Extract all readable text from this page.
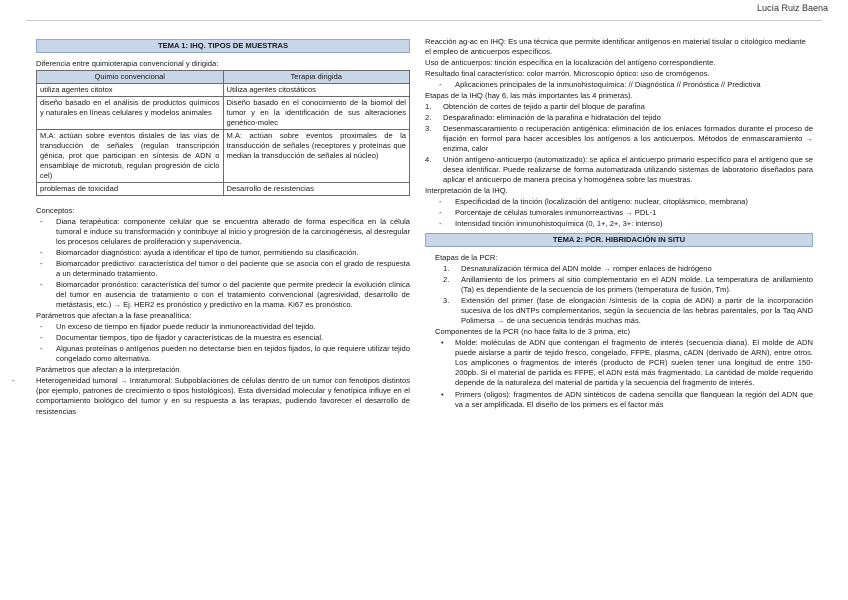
Lucía Ruiz Baena
TEMA 1: IHQ. TIPOS DE MUESTRAS

Diferencia entre quimioterapia convencional y dirigida:

Quimio convencional	Terapia dirigida
utiliza agentes citotox	Utiliza agentes citostáticos
diseño basado en el análisis de productos químicos y naturales en líneas celulares y modelos animales	Diseño basado en el conocimiento de la biomol del tumor y en la identificación de sus alteraciones genético-molec
M.A: actúan sobre eventos distales de las vías de transducción de señales (regulan transcripción génica, prot que participan en síntesis de ADN o ensamblaje de microtub, regulan progresión de ciclo cel)	M.A: actúan sobre eventos proximales de la transducción de señales (receptores y proteínas que median la transducción de señales al núcleo)
problemas de toxicidad	Desarrollo de resistencias

Conceptos:

- Diana terapéutica: componente celular que se encuentra alterado de forma específica en la célula tumoral e induce su transformación y contribuye al inicio y progresión de la carcinogénesis, al desregular los procesos celulares de proliferación y supervivencia.
- Biomarcador diagnóstico: ayuda a identificar el tipo de tumor, permitiendo su clasificación.
- Biomarcador predictivo: característica del tumor o del paciente que se asocia con el grado de respuesta a un determinado tratamiento.
- Biomarcador pronóstico: característica del tumor o del paciente que permite predecir la evolución clínica del tumor en ausencia de tratamiento o con el tratamiento convencional (agresividad, desarrollo de metástasis, etc.) → Ej. HER2 es pronóstico y predictivo en la mama. Ki67 es pronóstico.

Parámetros que afectan a la fase preanalítica:

- Un exceso de tiempo en fijador puede reducir la inmunoreactividad del tejido.
- Documentar tiempos, tipo de fijador y características de la muestra es esencial.
- Algunas proteínas o antígenos pueden no detectarse bien en tejidos fijados, lo que requiere utilizar tejido congelado como alternativa.

Parámetros que afectan a la interpretación.

- Heterogeneidad tumoral → Intratumoral: Subpoblaciones de células dentro de un tumor con fenotipos distintos (por ejemplo, patrones de crecimiento o tipos histológicos). Esta diversidad molecular y fenotípica influye en el comportamiento biológico del tumor y en su respuesta a las terapias, pudiendo favorecer el desarrollo de resistencias

Reacción ag-ac en IHQ: Es una técnica que permite identificar antígenos en material tisular o citológico mediante el empleo de anticuerpos específicos.

Uso de anticuerpos: tinción específica en la localización del antígeno correspondiente.

Resultado final característico: color marrón. Microscopio óptico: uso de cromógenos.

- Aplicaciones principales de la inmunohistoquímica: // Diagnóstica // Pronóstica // Predictiva

Etapas de la IHQ (hay 6, las más importantes las 4 primeras).

1. Obtención de cortes de tejido a partir del bloque de parafina
2. Desparafinado: eliminación de la parafina e hidratación del tejido
3. Desenmascaramiento o recuperación antigénica: eliminación de los enlaces formados durante el proceso de fijación en formol para hacer accesibles los antígenos a los anticuerpos. Métodos de enmascaramiento → enzima, calor
4. Unión antígeno-anticuerpo (automatizado): se aplica el anticuerpo primario específico para el antígeno que se desea identificar. Puede realizarse de forma automatizada utilizando sistemas de laboratorio diseñados para aplicar el anticuerpo de manera precisa y homogénea sobre las muestras.

Interpretación de la IHQ.

- Especificidad de la tinción (localización del antígeno: nuclear, citoplásmico, membrana)
- Porcentaje de células tumorales inmunorreactivas → PDL-1
- Intensidad tinción inmunohistoquímica (0, 1+, 2+, 3+: intenso)
TEMA 2: PCR. HIBRIDACIÓN IN SITU

Etapas de la PCR:

1. Desnaturalización térmica del ADN molde → romper enlaces de hidrógeno
2. Anillamiento de los primers al sitio complementario en el ADN molde. La temperatura de anillamiento (Ta) es dependiente de la secuencia de los primers (temperatura de fusión, Tm).
3. Extensión del primer (fase de elongación /síntesis de la copia de ADN) a partir de la incorporación sucesiva de los dNTPs complementarios, según la secuencia de las hebras parentales, por la Taq AND Polimersa → de una secuencia tendrás muchas más.

Componentes de la PCR (no hace falta lo de 3 prima, etc)

• Molde: moléculas de ADN que contengan el fragmento de interés (secuencia diana). El molde de ADN puede aislarse a partir de tejido fresco, congelado, FFPE, plasma, cADN (derivado de ARN), entre otros. Los amplicones o fragmentos de interés (producto de PCR) suelen tener una longitud de entre 150- 200pb. Si el material de partida es FFPE, el ADN está más fragmentado. La cantidad de molde requerido depende de la naturaleza del material de partida y la secuencia del fragmento de interés.
• Primers (oligos): fragmentos de ADN sintéticos de cadena sencilla que flanquean la región del ADN que va a ser amplificada. El diseño de los primers es el factor más
